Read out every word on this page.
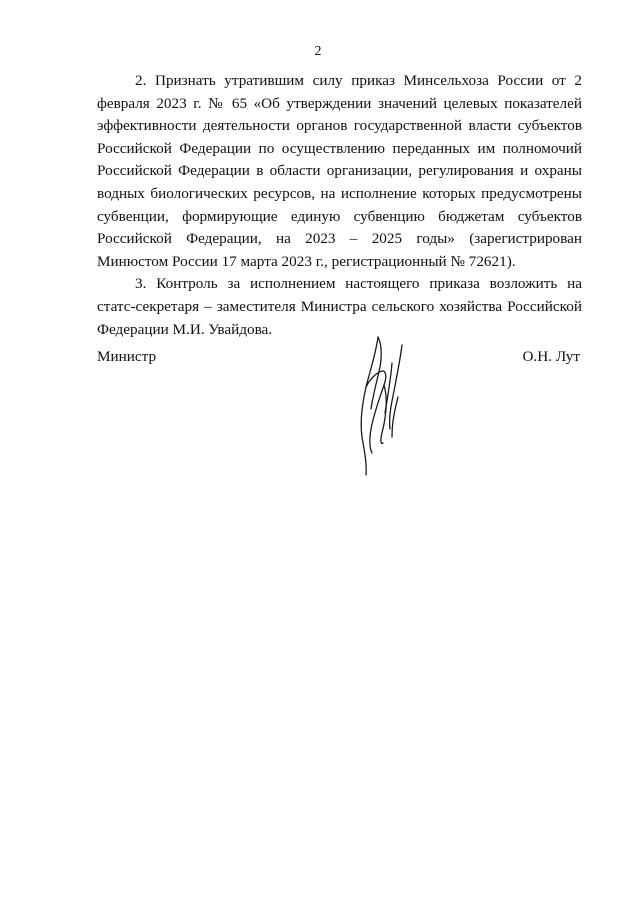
2

2. Признать утратившим силу приказ Минсельхоза России от 2 февраля 2023 г. № 65 «Об утверждении значений целевых показателей эффективности деятельности органов государственной власти субъектов Российской Федерации по осуществлению переданных им полномочий Российской Федерации в области организации, регулирования и охраны водных биологических ресурсов, на исполнение которых предусмотрены субвенции, формирующие единую субвенцию бюджетам субъектов Российской Федерации, на 2023 – 2025 годы» (зарегистрирован Минюстом России 17 марта 2023 г., регистрационный № 72621).

3. Контроль за исполнением настоящего приказа возложить на статс-секретаря – заместителя Министра сельского хозяйства Российской Федерации М.И. Увайдова.

Министр	О.Н. Лут
